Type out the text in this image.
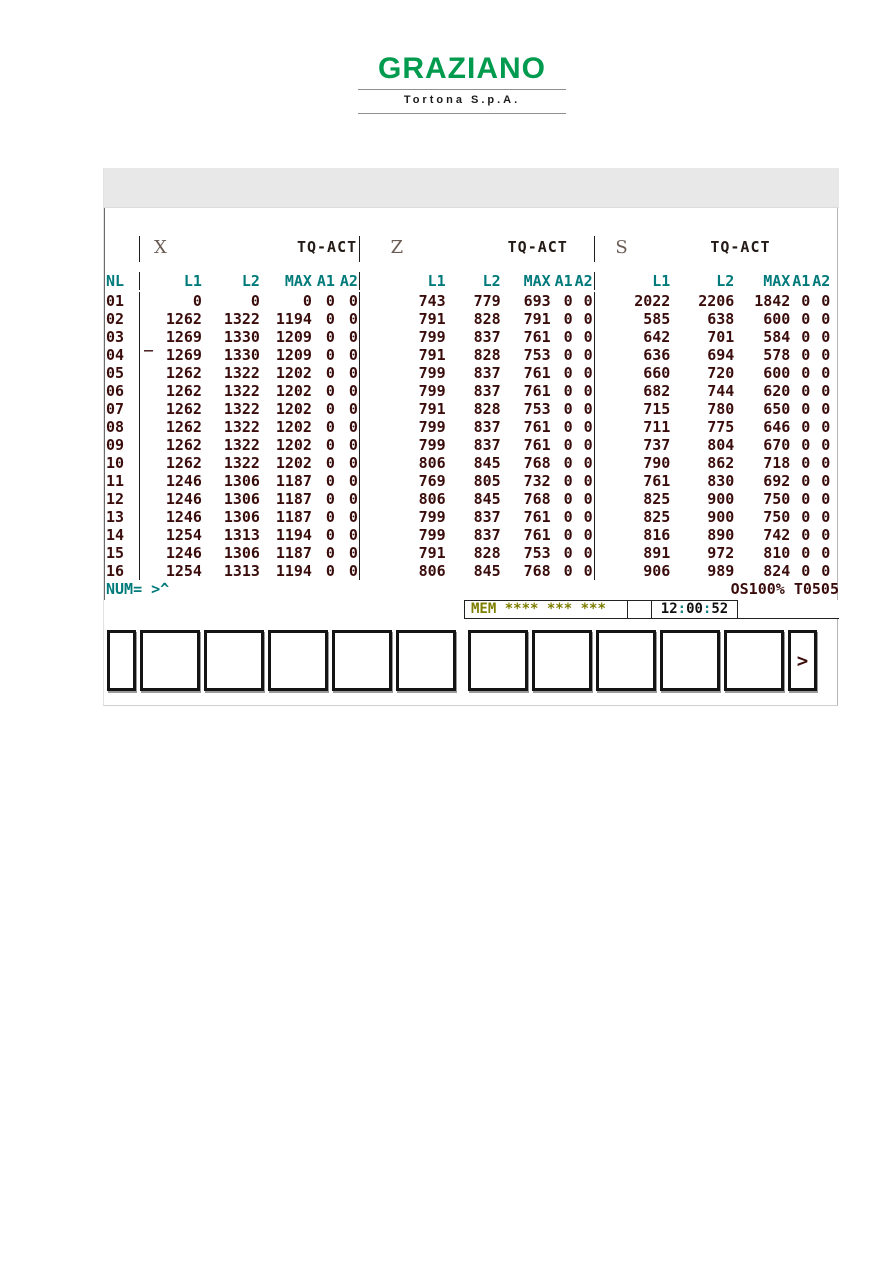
GRAZIANO
Tortona S.p.A.
X	TQ-ACT Z	TQ-ACT	S	TQ-ACT
NL	L1	L2	MAX A1 A2	L1	L2	MAX A1 A2	L1	L2	MAX A1 A2
01	0	0	0 0 0	743	779	693 0 0	2022	2206	1842 0 0
02	1262	1322	1194 0 0	791	828	791 0 0	585	638	600 0 0
03	1269	1330	1209 0 0	799	837	761 0 0	642	701	584 0 0
04	1269	1330	1209 0 0	791	828	753 0 0	636	694	578 0 0
05	1262	1322	1202 0 0	799	837	761 0 0	660	720	600 0 0
06	1262	1322	1202 0 0	799	837	761 0 0	682	744	620 0 0
07	1262	1322	1202 0 0	791	828	753 0 0	715	780	650 0 0
08	1262	1322	1202 0 0	799	837	761 0 0	711	775	646 0 0
09	1262	1322	1202 0 0	799	837	761 0 0	737	804	670 0 0
10	1262	1322	1202 0 0	806	845	768 0 0	790	862	718 0 0
11	1246	1306	1187 0 0	769	805	732 0 0	761	830	692 0 0
12	1246	1306	1187 0 0	806	845	768 0 0	825	900	750 0 0
13	1246	1306	1187 0 0	799	837	761 0 0	825	900	750 0 0
14	1254	1313	1194 0 0	799	837	761 0 0	816	890	742 0 0
15	1246	1306	1187 0 0	791	828	753 0 0	891	972	810 0 0
16	1254	1313	1194 0 0	806	845	768 0 0	906	989	824 0 0
_
NUM= >^	OS100% T0505
MEM **** *** ***	12:00:52
>
